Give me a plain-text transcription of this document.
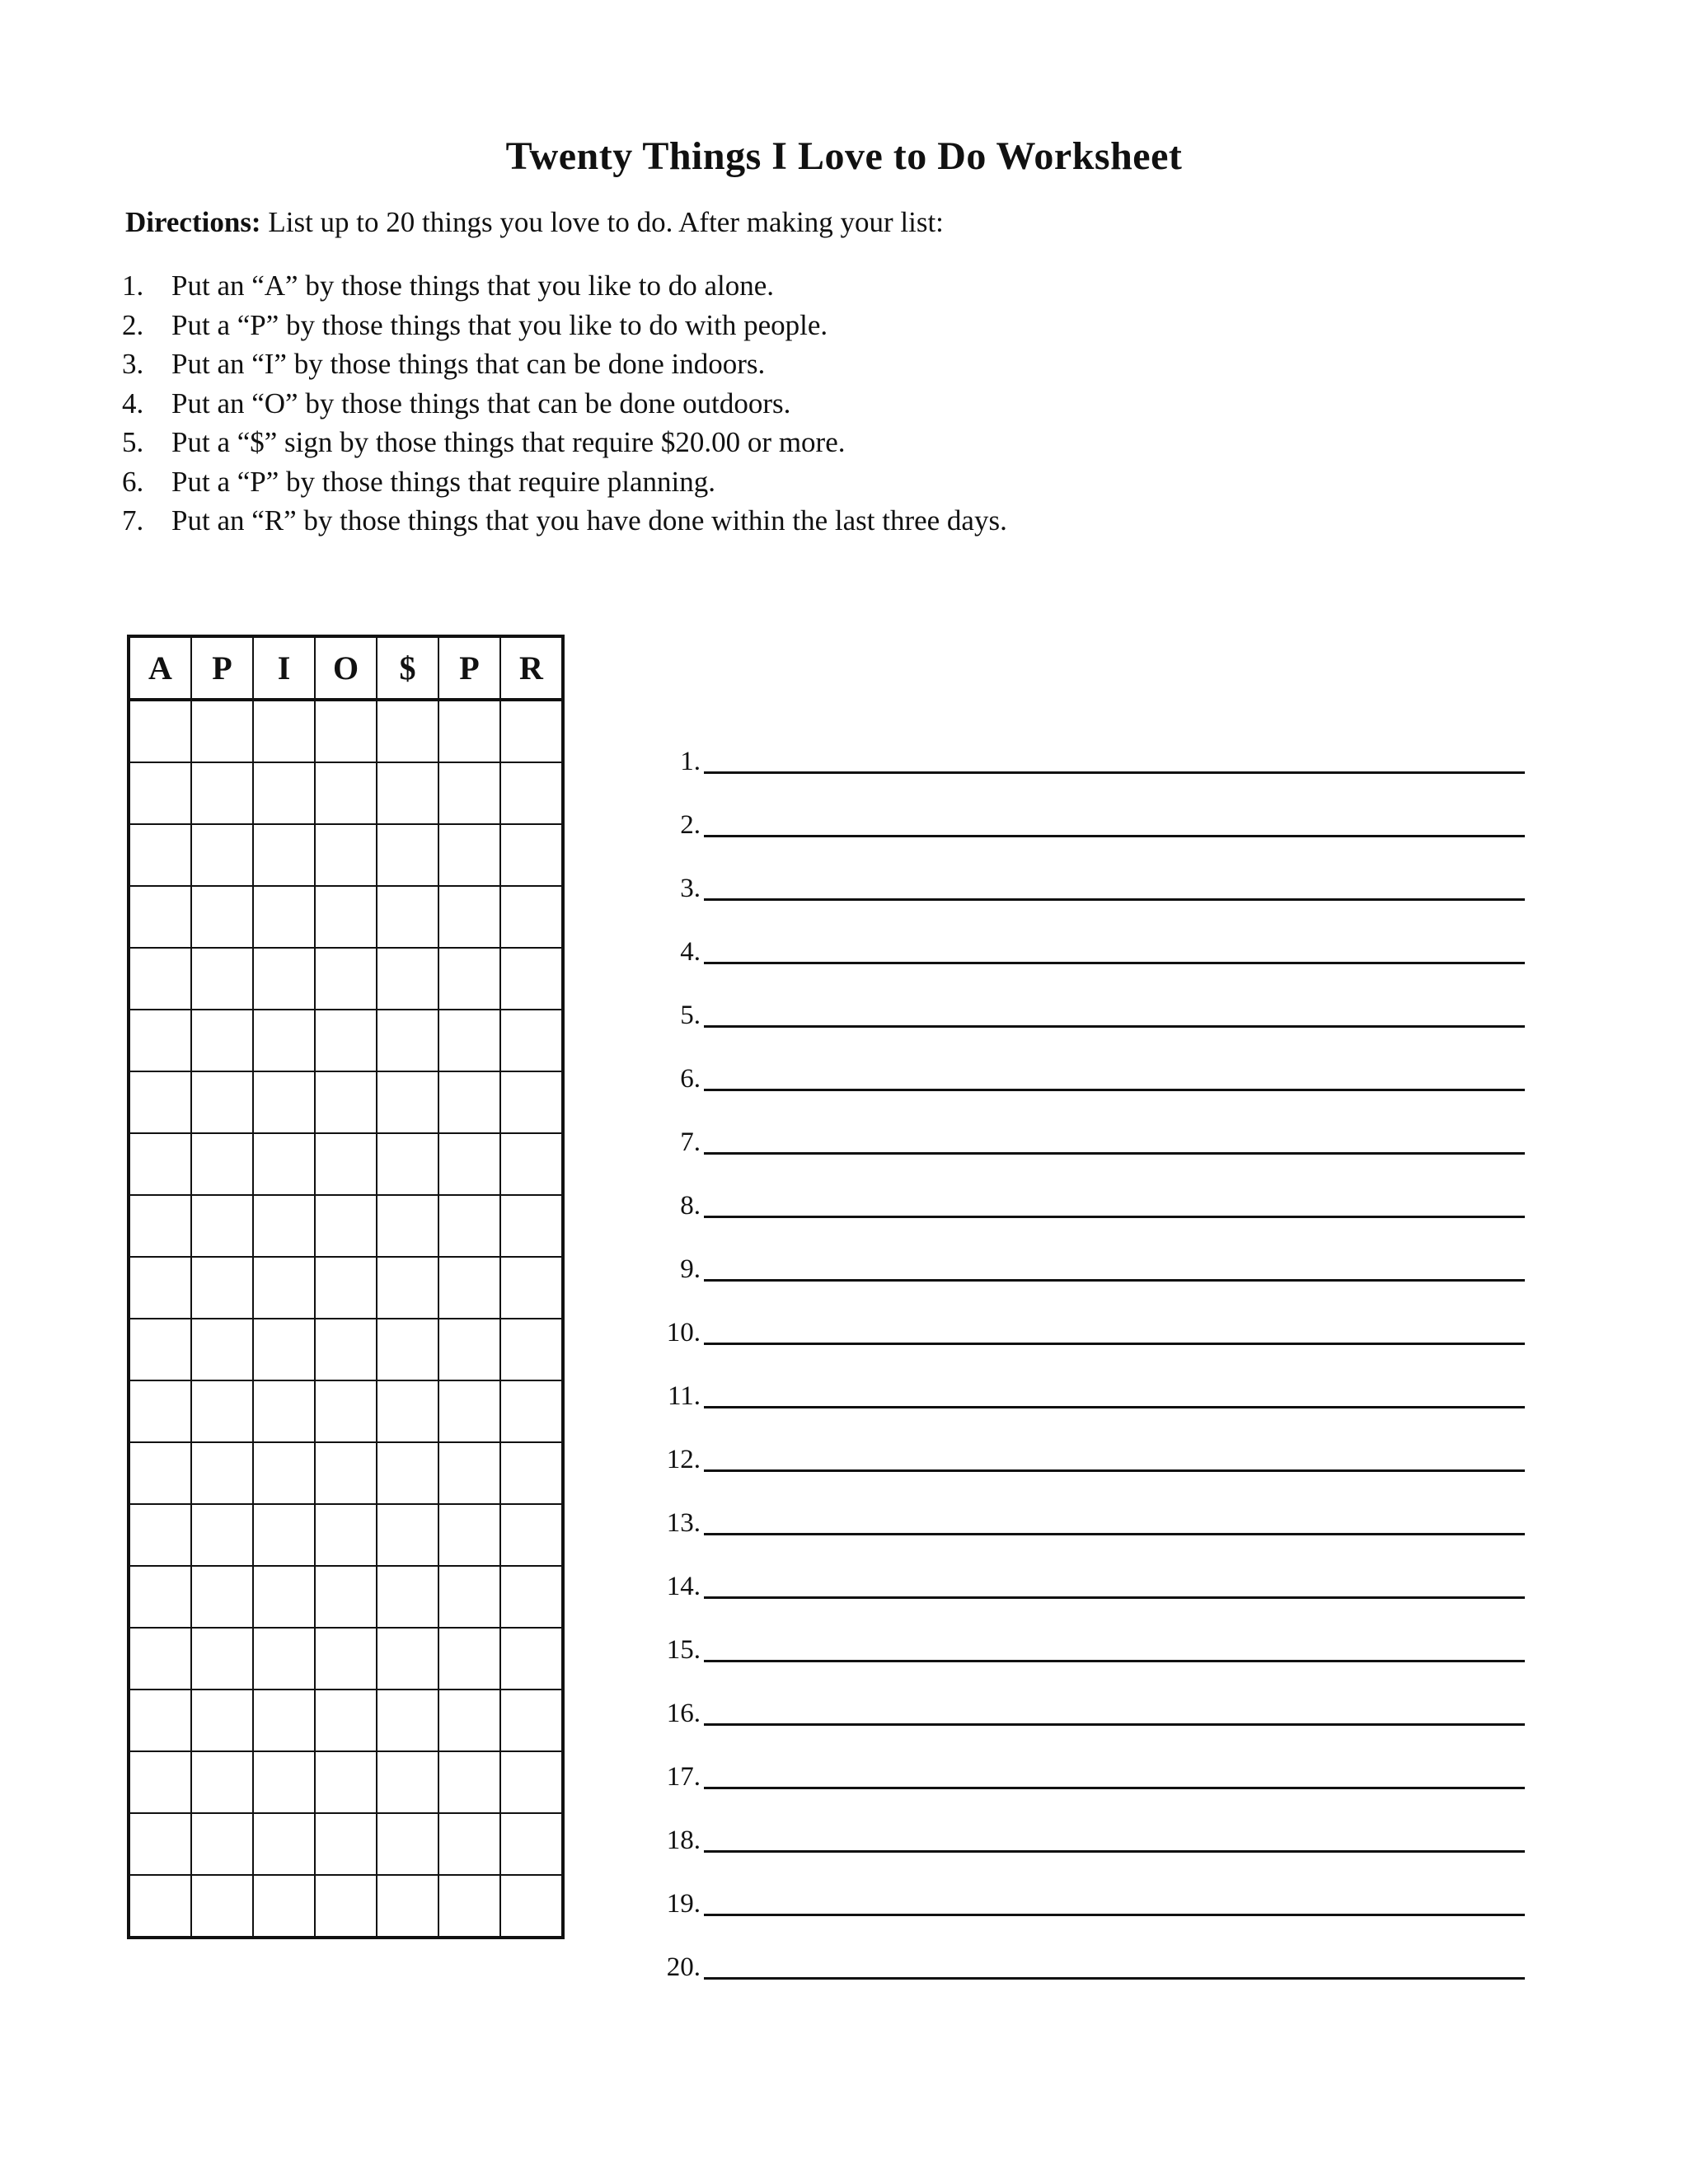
Twenty Things I Love to Do Worksheet
Directions: List up to 20 things you love to do. After making your list:
1. Put an “A” by those things that you like to do alone.
2. Put a “P” by those things that you like to do with people.
3. Put an “I” by those things that can be done indoors.
4. Put an “O” by those things that can be done outdoors.
5. Put a “$” sign by those things that require $20.00 or more.
6. Put a “P” by those things that require planning.
7. Put an “R” by those things that you have done within the last three days.
A	P	I	O	$	P	R

1.
2.
3.
4.
5.
6.
7.
8.
9.
10.
11.
12.
13.
14.
15.
16.
17.
18.
19.
20.
